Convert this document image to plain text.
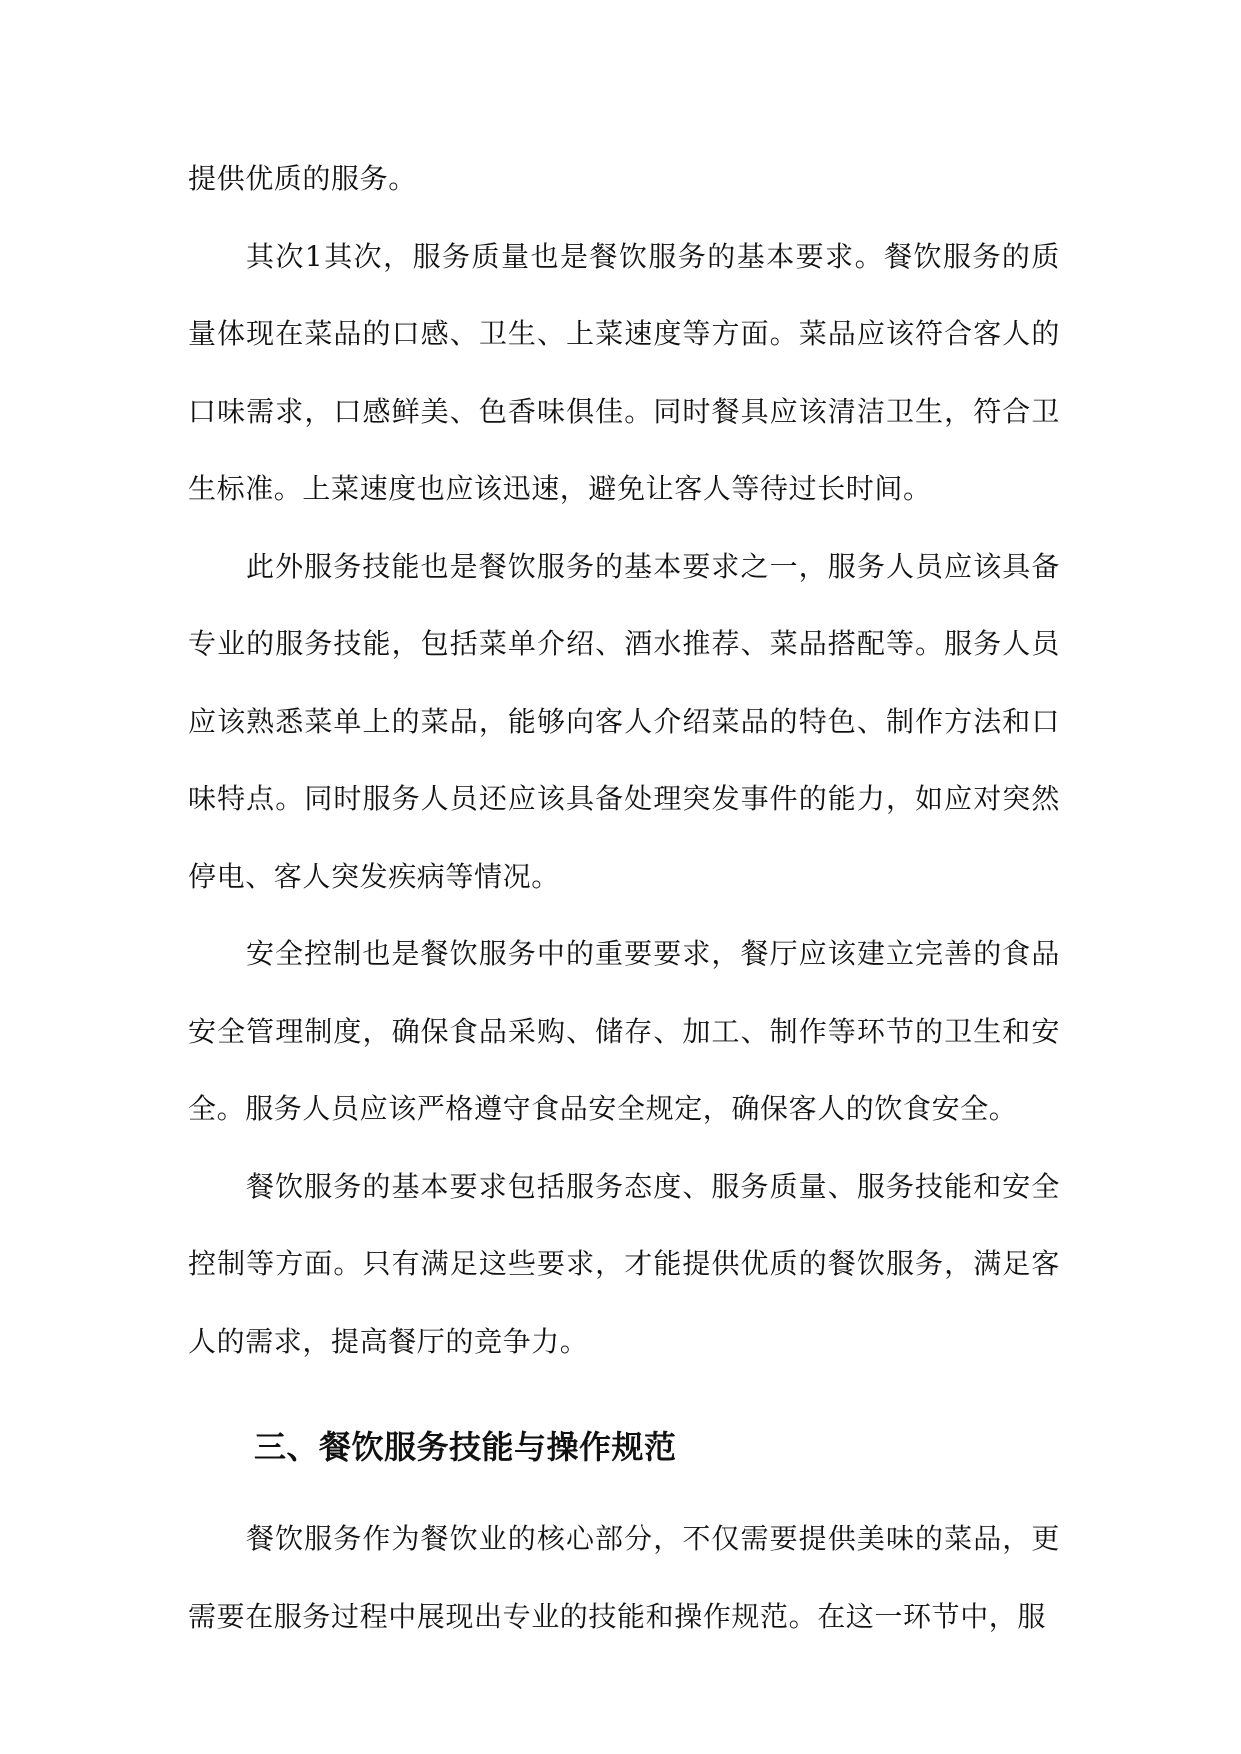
提供优质的服务。

其次1其次，服务质量也是餐饮服务的基本要求。餐饮服务的质量体现在菜品的口感、卫生、上菜速度等方面。菜品应该符合客人的口味需求，口感鲜美、色香味俱佳。同时餐具应该清洁卫生，符合卫生标准。上菜速度也应该迅速，避免让客人等待过长时间。

此外服务技能也是餐饮服务的基本要求之一，服务人员应该具备专业的服务技能，包括菜单介绍、酒水推荐、菜品搭配等。服务人员应该熟悉菜单上的菜品，能够向客人介绍菜品的特色、制作方法和口味特点。同时服务人员还应该具备处理突发事件的能力，如应对突然停电、客人突发疾病等情况。

安全控制也是餐饮服务中的重要要求，餐厅应该建立完善的食品安全管理制度，确保食品采购、储存、加工、制作等环节的卫生和安全。服务人员应该严格遵守食品安全规定，确保客人的饮食安全。

餐饮服务的基本要求包括服务态度、服务质量、服务技能和安全控制等方面。只有满足这些要求，才能提供优质的餐饮服务，满足客人的需求，提高餐厅的竞争力。

三、餐饮服务技能与操作规范

餐饮服务作为餐饮业的核心部分，不仅需要提供美味的菜品，更需要在服务过程中展现出专业的技能和操作规范。在这一环节中，服
